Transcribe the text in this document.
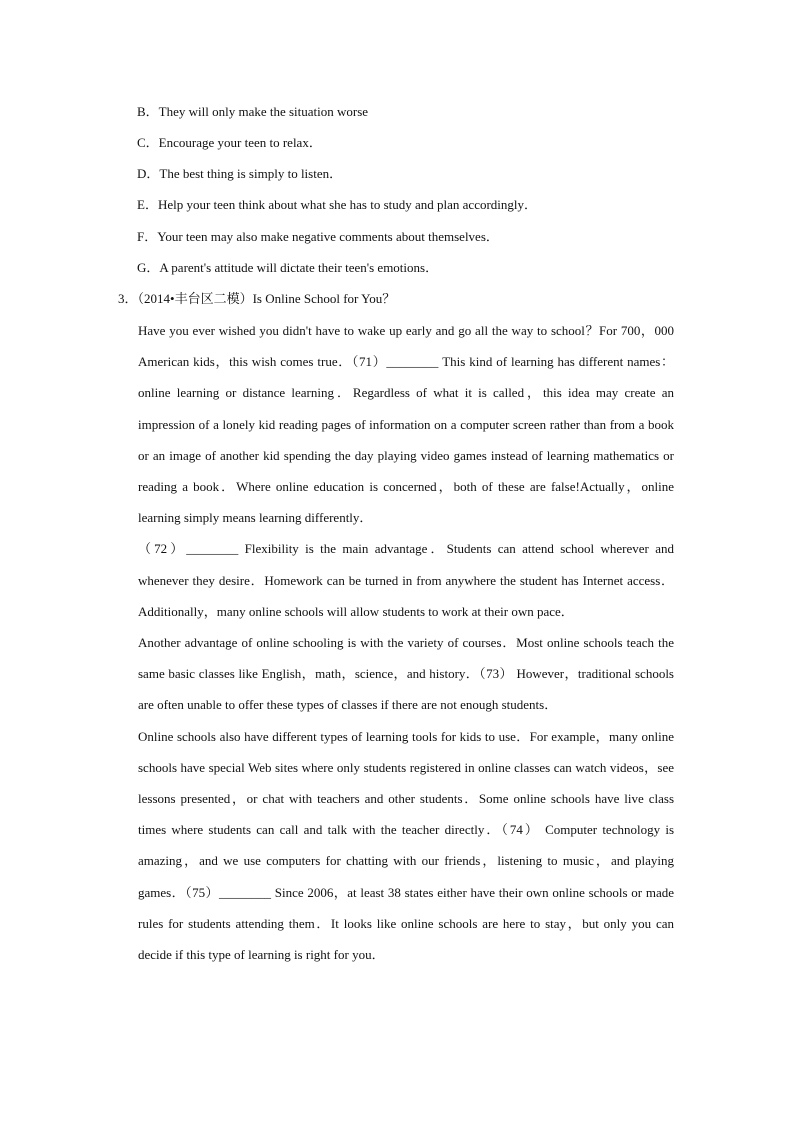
B．They will only make the situation worse
C．Encourage your teen to relax．
D．The best thing is simply to listen．
E．Help your teen think about what she has to study and plan accordingly．
F．Your teen may also make negative comments about themselves．
G．A parent's attitude will dictate their teen's emotions．
3．（2014•丰台区二模）Is Online School for You？

Have you ever wished you didn't have to wake up early and go all the way to school？For 700，000 American kids，this wish comes true．（71）________ This kind of learning has different names：online learning or distance learning．Regardless of what it is called，this idea may create an impression of a lonely kid reading pages of information on a computer screen rather than from a book or an image of another kid spending the day playing video games instead of learning mathematics or reading a book．Where online education is concerned，both of these are false!Actually，online learning simply means learning differently．

（72）________ Flexibility is the main advantage．Students can attend school wherever and whenever they desire．Homework can be turned in from anywhere the student has Internet access．Additionally，many online schools will allow students to work at their own pace．

Another advantage of online schooling is with the variety of courses．Most online schools teach the same basic classes like English，math，science，and history．（73） However，traditional schools are often unable to offer these types of classes if there are not enough students．

Online schools also have different types of learning tools for kids to use．For example，many online schools have special Web sites where only students registered in online classes can watch videos，see lessons presented，or chat with teachers and other students．Some online schools have live class times where students can call and talk with the teacher directly．（74） Computer technology is amazing，and we use computers for chatting with our friends，listening to music，and playing games．（75）________ Since 2006，at least 38 states either have their own online schools or made rules for students attending them．It looks like online schools are here to stay，but only you can decide if this type of learning is right for you．
